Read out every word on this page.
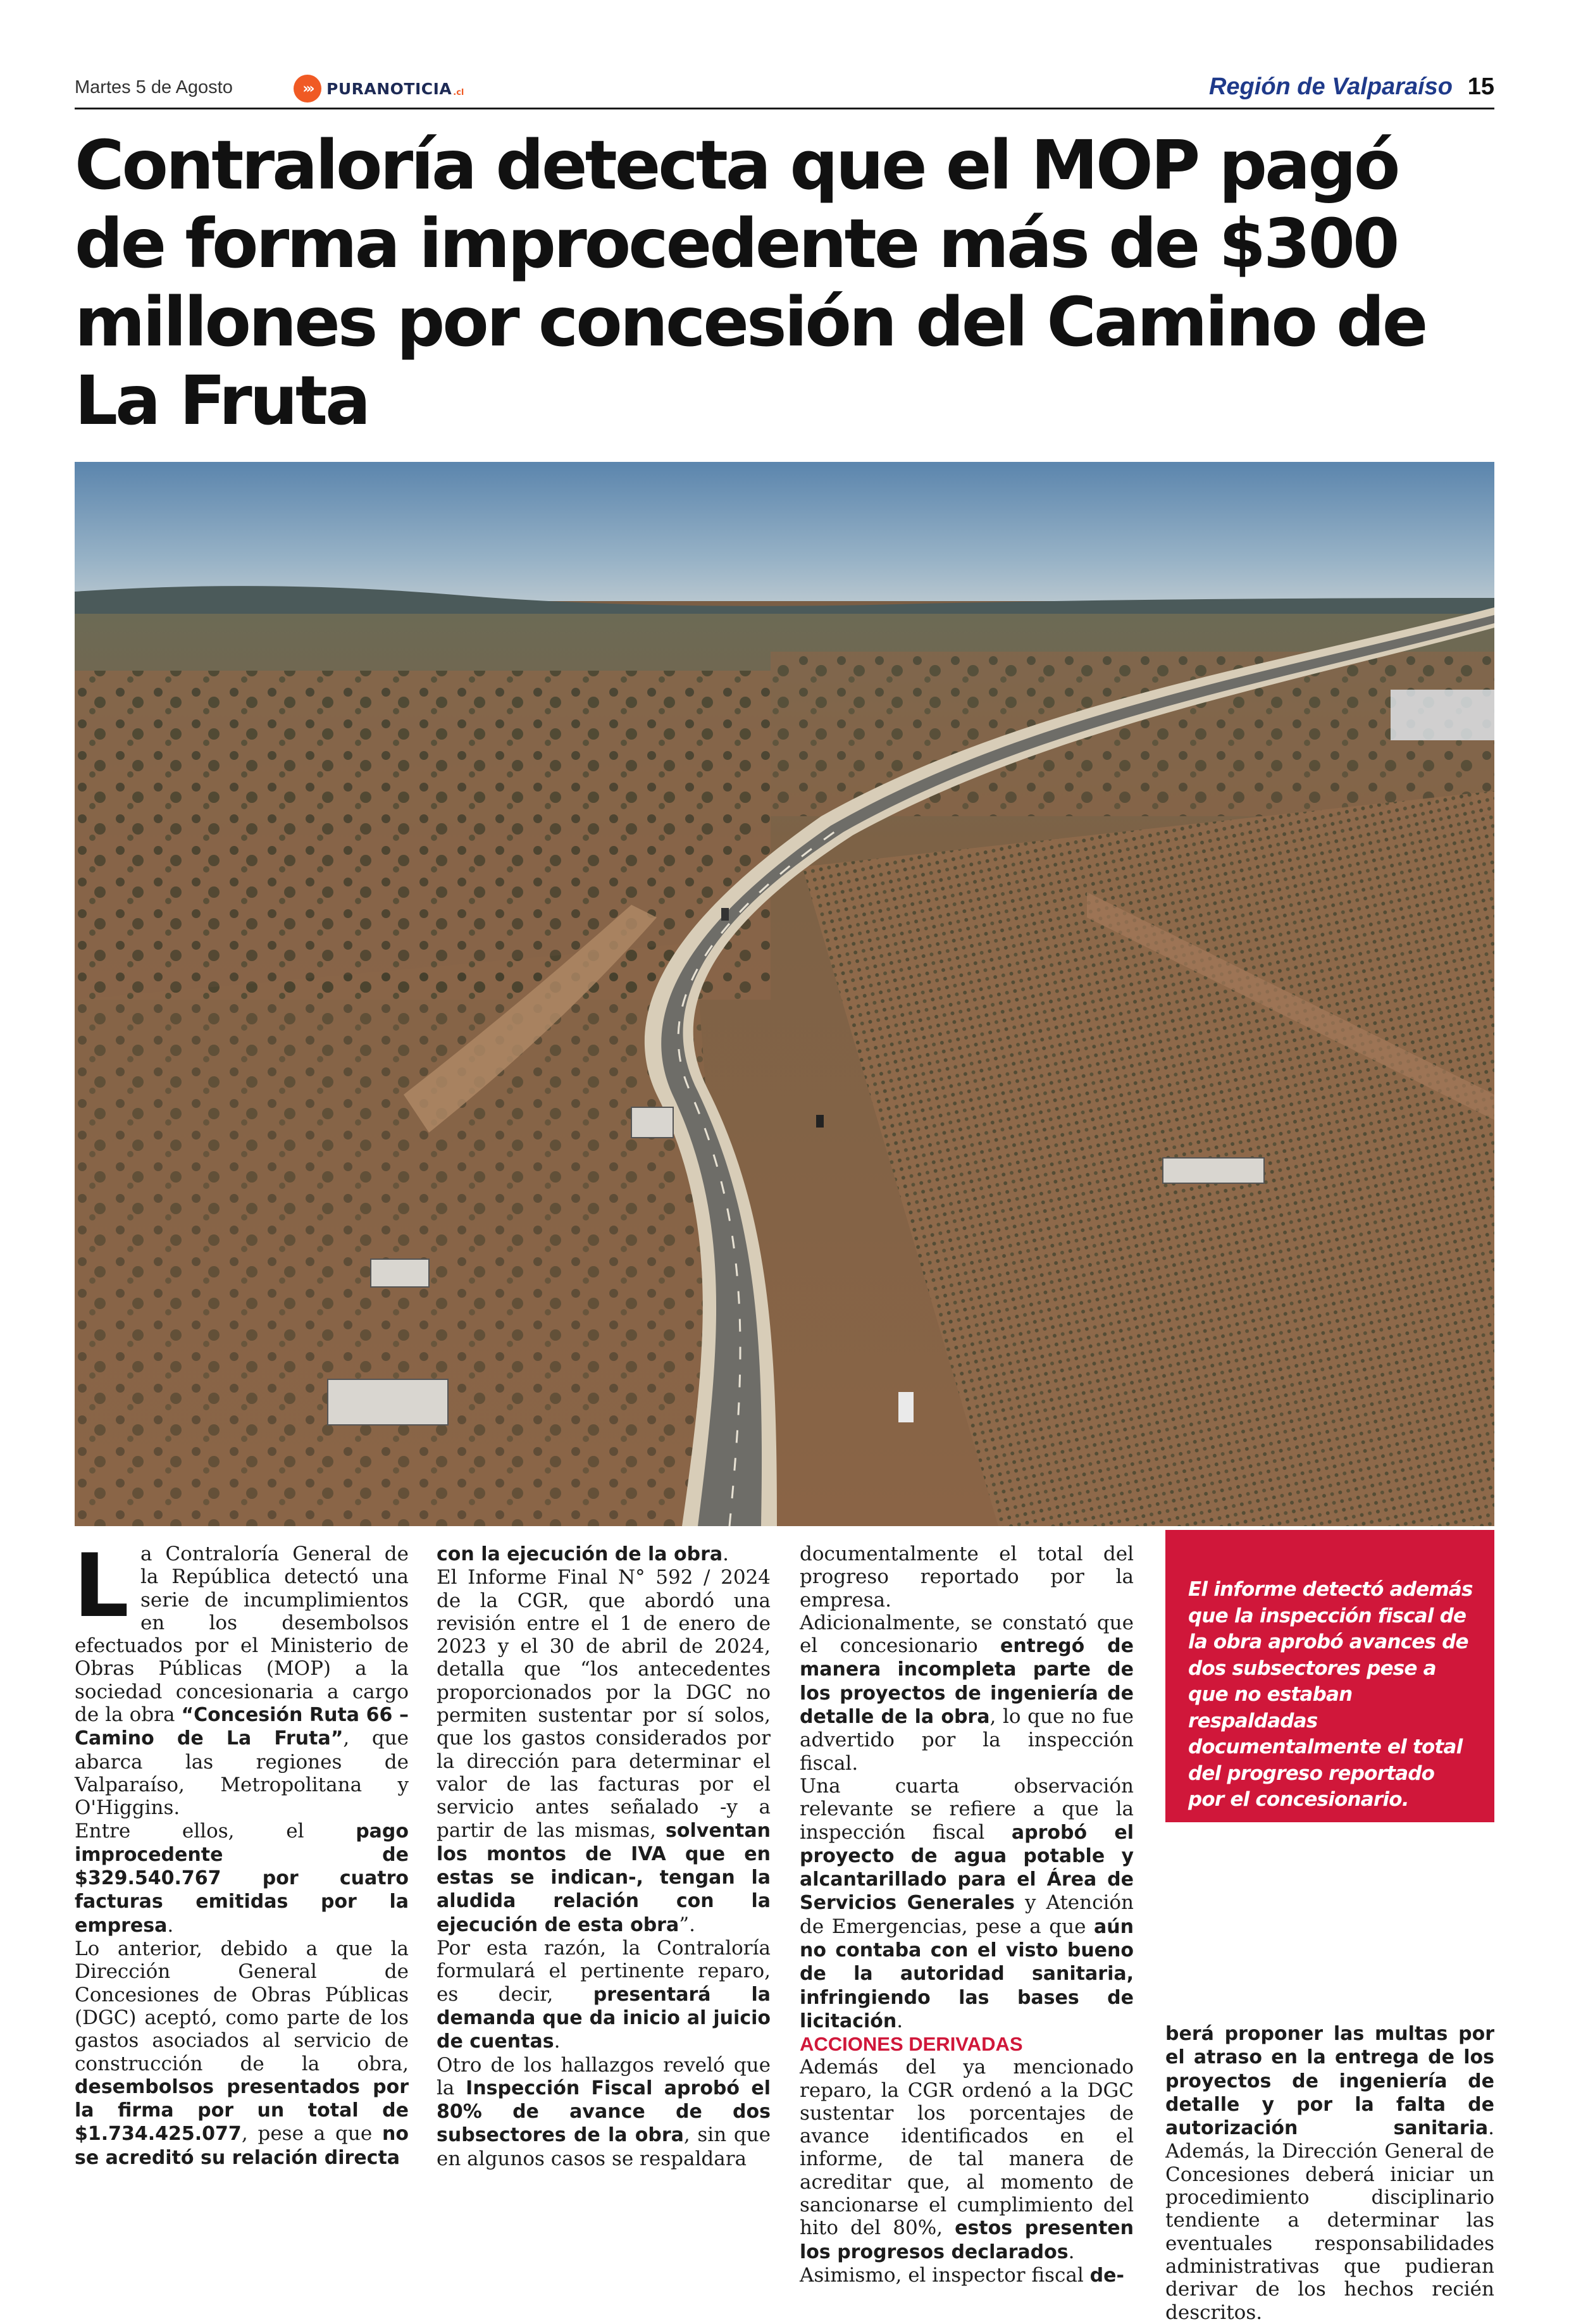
Martes 5 de Agosto	››› PURANOTICIA .cl	Región de Valparaíso 15
Contraloría detecta que el MOP pagó de forma improcedente más de $300 millones por concesión del Camino de La Fruta
L a Contraloría General de la República detectó una serie de incumplimientos en los desembolsos efectuados por el Ministerio de Obras Públicas (MOP) a la sociedad concesionaria a cargo de la obra “Concesión Ruta 66 – Camino de La Fruta”, que abarca las regiones de Valparaíso, Metropolitana y O'Higgins.

Entre ellos, el pago improcedente de $329.540.767 por cuatro facturas emitidas por la empresa.

Lo anterior, debido a que la Dirección General de Concesiones de Obras Públicas (DGC) aceptó, como parte de los gastos asociados al servicio de construcción de la obra, desembolsos presentados por la firma por un total de $1.734.425.077, pese a que no se acreditó su relación directa

con la ejecución de la obra.

El Informe Final N° 592 / 2024 de la CGR, que abordó una revisión entre el 1 de enero de 2023 y el 30 de abril de 2024, detalla que “los antecedentes proporcionados por la DGC no permiten sustentar por sí solos, que los gastos considerados por la dirección para determinar el valor de las facturas por el servicio antes señalado -y a partir de las mismas, solventan los montos de IVA que en estas se indican-, tengan la aludida relación con la ejecución de esta obra”.

Por esta razón, la Contraloría formulará el pertinente reparo, es decir, presentará la demanda que da inicio al juicio de cuentas.

Otro de los hallazgos reveló que la Inspección Fiscal aprobó el 80% de avance de dos subsectores de la obra, sin que en algunos casos se respaldara

documentalmente el total del progreso reportado por la empresa.

Adicionalmente, se constató que el concesionario entregó de manera incompleta parte de los proyectos de ingeniería de detalle de la obra, lo que no fue advertido por la inspección fiscal.

Una cuarta observación relevante se refiere a que la inspección fiscal aprobó el proyecto de agua potable y alcantarillado para el Área de Servicios Generales y Atención de Emergencias, pese a que aún no contaba con el visto bueno de la autoridad sanitaria, infringiendo las bases de licitación.

ACCIONES DERIVADAS

Además del ya mencionado reparo, la CGR ordenó a la DGC sustentar los porcentajes de avance identificados en el informe, de tal manera de acreditar que, al momento de sancionarse el cumplimiento del hito del 80%, estos presenten los progresos declarados.

Asimismo, el inspector fiscal de-

El informe detectó además que la inspección fiscal de la obra aprobó avances de dos subsectores pese a que no estaban respaldadas documentalmente el total del progreso reportado por el concesionario.

berá proponer las multas por el atraso en la entrega de los proyectos de ingeniería de detalle y por la falta de autorización sanitaria. Además, la Dirección General de Concesiones deberá iniciar un procedimiento disciplinario tendiente a determinar las eventuales responsabilidades administrativas que pudieran derivar de los hechos recién descritos.
